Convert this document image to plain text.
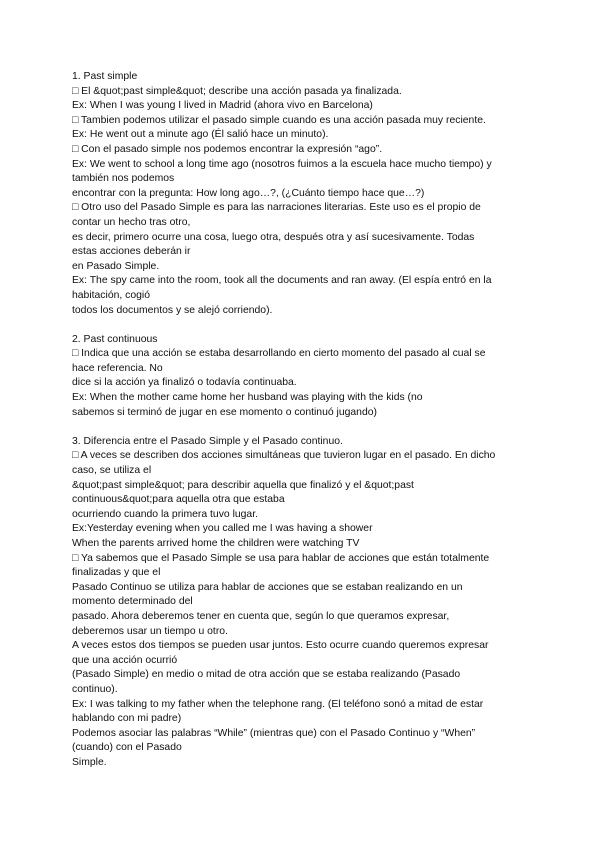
1. Past simple
□ El &quot;past simple&quot; describe una acción pasada ya finalizada.
Ex: When I was young I lived in Madrid (ahora vivo en Barcelona)
□ Tambien podemos utilizar el pasado simple cuando es una acción pasada muy reciente.
Ex: He went out a minute ago (Él salió hace un minuto).
□ Con el pasado simple nos podemos encontrar la expresión “ago”.
Ex: We went to school a long time ago (nosotros fuimos a la escuela hace mucho tiempo) y
también nos podemos
encontrar con la pregunta: How long ago…?, (¿Cuánto tiempo hace que…?)
□ Otro uso del Pasado Simple es para las narraciones literarias. Este uso es el propio de
contar un hecho tras otro,
es decir, primero ocurre una cosa, luego otra, después otra y así sucesivamente. Todas
estas acciones deberán ir
en Pasado Simple.
Ex: The spy came into the room, took all the documents and ran away. (El espía entró en la
habitación, cogió
todos los documentos y se alejó corriendo).
2. Past continuous
□ Indica que una acción se estaba desarrollando en cierto momento del pasado al cual se
hace referencia. No
dice si la acción ya finalizó o todavía continuaba.
Ex: When the mother came home her husband was playing with the kids (no
sabemos si terminó de jugar en ese momento o continuó jugando)
3. Diferencia entre el Pasado Simple y el Pasado continuo.
□ A veces se describen dos acciones simultáneas que tuvieron lugar en el pasado. En dicho
caso, se utiliza el
&quot;past simple&quot; para describir aquella que finalizó y el &quot;past
continuous&quot;para aquella otra que estaba
ocurriendo cuando la primera tuvo lugar.
Ex:Yesterday evening when you called me I was having a shower
When the parents arrived home the children were watching TV
□ Ya sabemos que el Pasado Simple se usa para hablar de acciones que están totalmente
finalizadas y que el
Pasado Continuo se utiliza para hablar de acciones que se estaban realizando en un
momento determinado del
pasado. Ahora deberemos tener en cuenta que, según lo que queramos expresar,
deberemos usar un tiempo u otro.
A veces estos dos tiempos se pueden usar juntos. Esto ocurre cuando queremos expresar
que una acción ocurrió
(Pasado Simple) en medio o mitad de otra acción que se estaba realizando (Pasado
continuo).
Ex: I was talking to my father when the telephone rang. (El teléfono sonó a mitad de estar
hablando con mi padre)
Podemos asociar las palabras “While” (mientras que) con el Pasado Continuo y “When”
(cuando) con el Pasado
Simple.
